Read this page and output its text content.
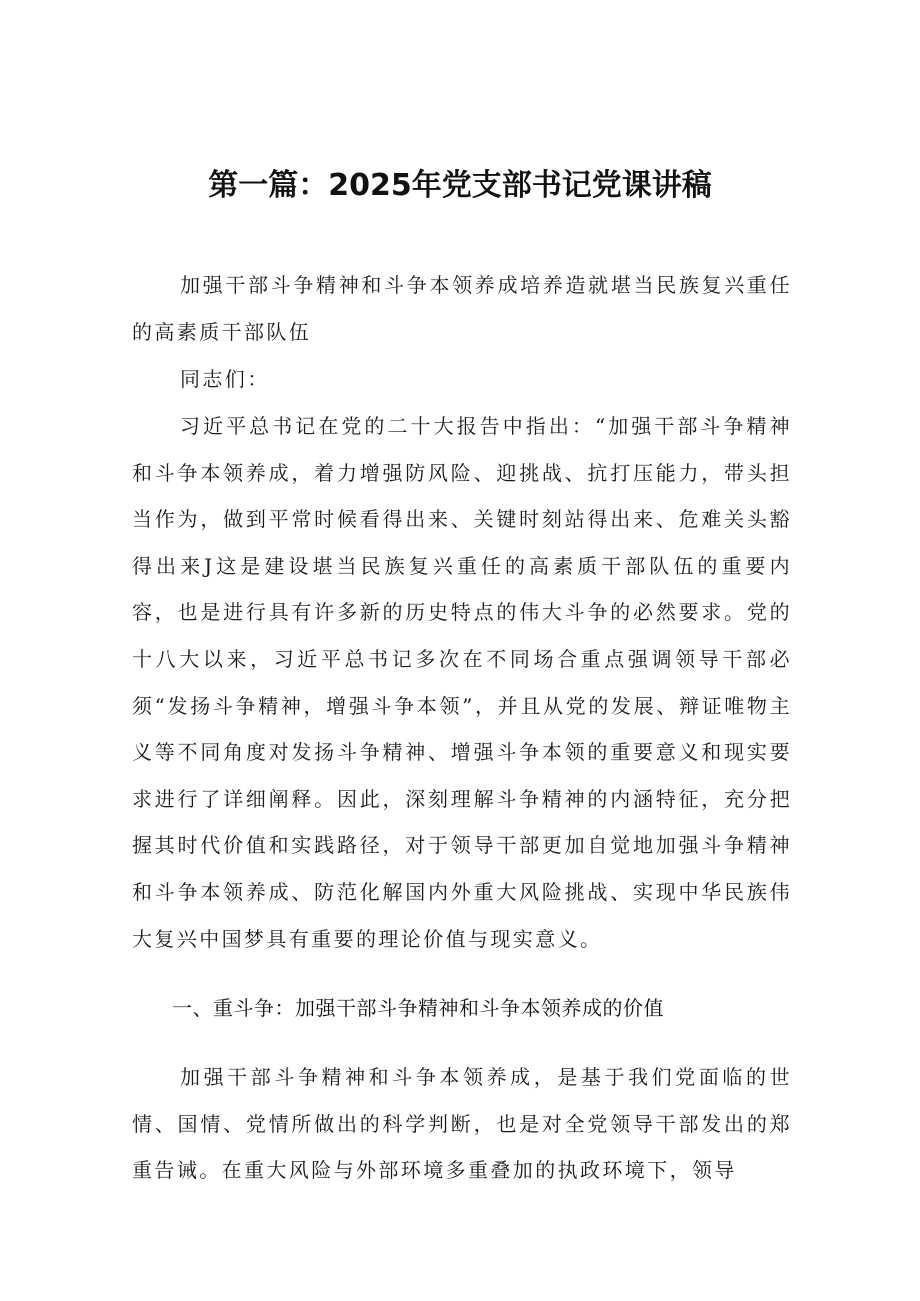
第一篇：2025年党支部书记党课讲稿
加强干部斗争精神和斗争本领养成培养造就堪当民族复兴重任的高素质干部队伍
同志们：
习近平总书记在党的二十大报告中指出：“加强干部斗争精神和斗争本领养成，着力增强防风险、迎挑战、抗打压能力，带头担当作为，做到平常时候看得出来、关键时刻站得出来、危难关头豁得出来J这是建设堪当民族复兴重任的高素质干部队伍的重要内容，也是进行具有许多新的历史特点的伟大斗争的必然要求。党的十八大以来，习近平总书记多次在不同场合重点强调领导干部必须“发扬斗争精神，增强斗争本领”，并且从党的发展、辩证唯物主义等不同角度对发扬斗争精神、增强斗争本领的重要意义和现实要求进行了详细阐释。因此，深刻理解斗争精神的内涵特征，充分把握其时代价值和实践路径，对于领导干部更加自觉地加强斗争精神和斗争本领养成、防范化解国内外重大风险挑战、实现中华民族伟大复兴中国梦具有重要的理论价值与现实意义。
一、重斗争：加强干部斗争精神和斗争本领养成的价值
加强干部斗争精神和斗争本领养成，是基于我们党面临的世情、国情、党情所做出的科学判断，也是对全党领导干部发出的郑重告诫。在重大风险与外部环境多重叠加的执政环境下，领导
